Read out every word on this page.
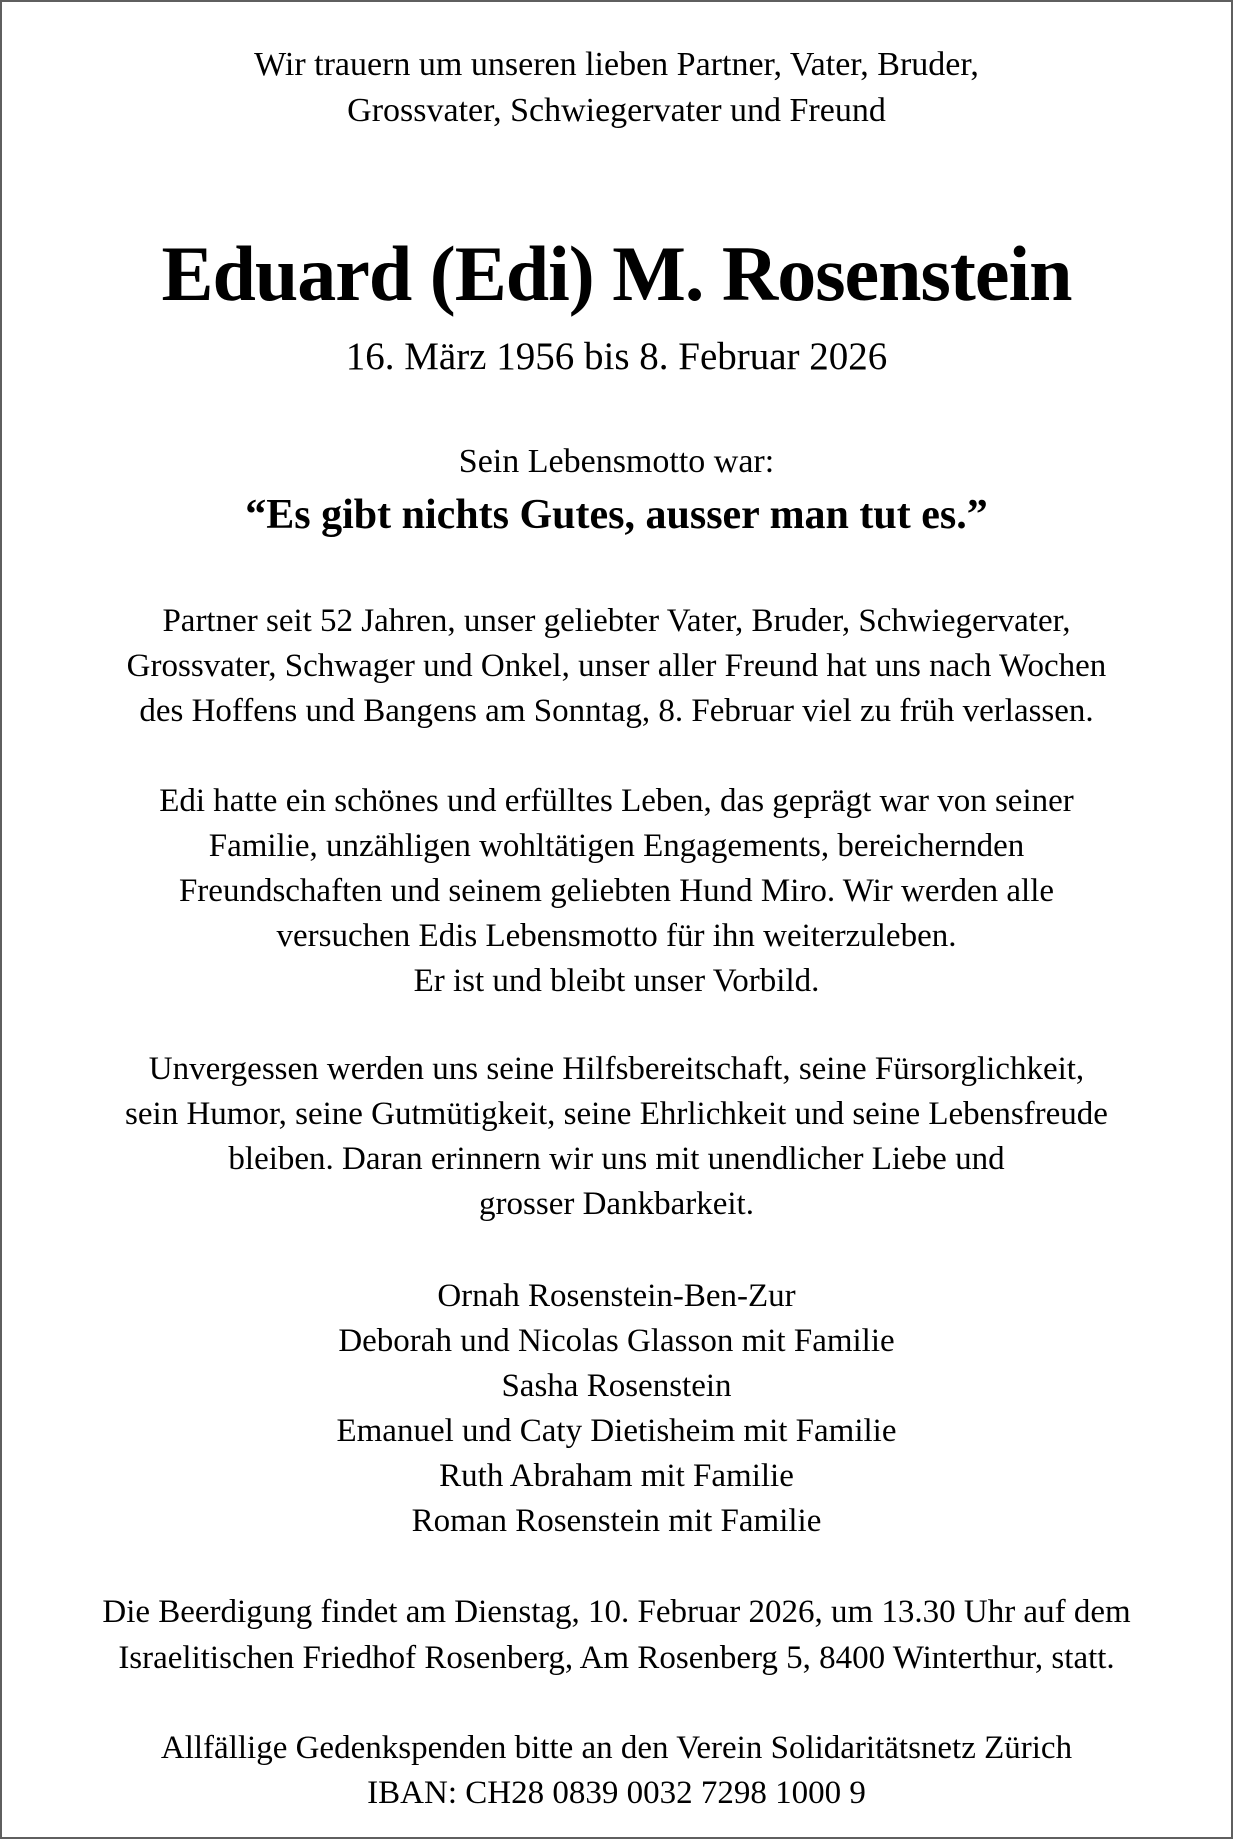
Wir trauern um unseren lieben Partner, Vater, Bruder,
Grossvater, Schwiegervater und Freund
Eduard (Edi) M. Rosenstein
16. März 1956 bis 8. Februar 2026
Sein Lebensmotto war:
“Es gibt nichts Gutes, ausser man tut es.”
Partner seit 52 Jahren, unser geliebter Vater, Bruder, Schwiegervater,
Grossvater, Schwager und Onkel, unser aller Freund hat uns nach Wochen
des Hoffens und Bangens am Sonntag, 8. Februar viel zu früh verlassen.
Edi hatte ein schönes und erfülltes Leben, das geprägt war von seiner
Familie, unzähligen wohltätigen Engagements, bereichernden
Freundschaften und seinem geliebten Hund Miro. Wir werden alle
versuchen Edis Lebensmotto für ihn weiterzuleben.
Er ist und bleibt unser Vorbild.
Unvergessen werden uns seine Hilfsbereitschaft, seine Fürsorglichkeit,
sein Humor, seine Gutmütigkeit, seine Ehrlichkeit und seine Lebensfreude
bleiben. Daran erinnern wir uns mit unendlicher Liebe und
grosser Dankbarkeit.
Ornah Rosenstein-Ben-Zur
Deborah und Nicolas Glasson mit Familie
Sasha Rosenstein
Emanuel und Caty Dietisheim mit Familie
Ruth Abraham mit Familie
Roman Rosenstein mit Familie
Die Beerdigung findet am Dienstag, 10. Februar 2026, um 13.30 Uhr auf dem
Israelitischen Friedhof Rosenberg, Am Rosenberg 5, 8400 Winterthur, statt.
Allfällige Gedenkspenden bitte an den Verein Solidaritätsnetz Zürich
IBAN: CH28 0839 0032 7298 1000 9
